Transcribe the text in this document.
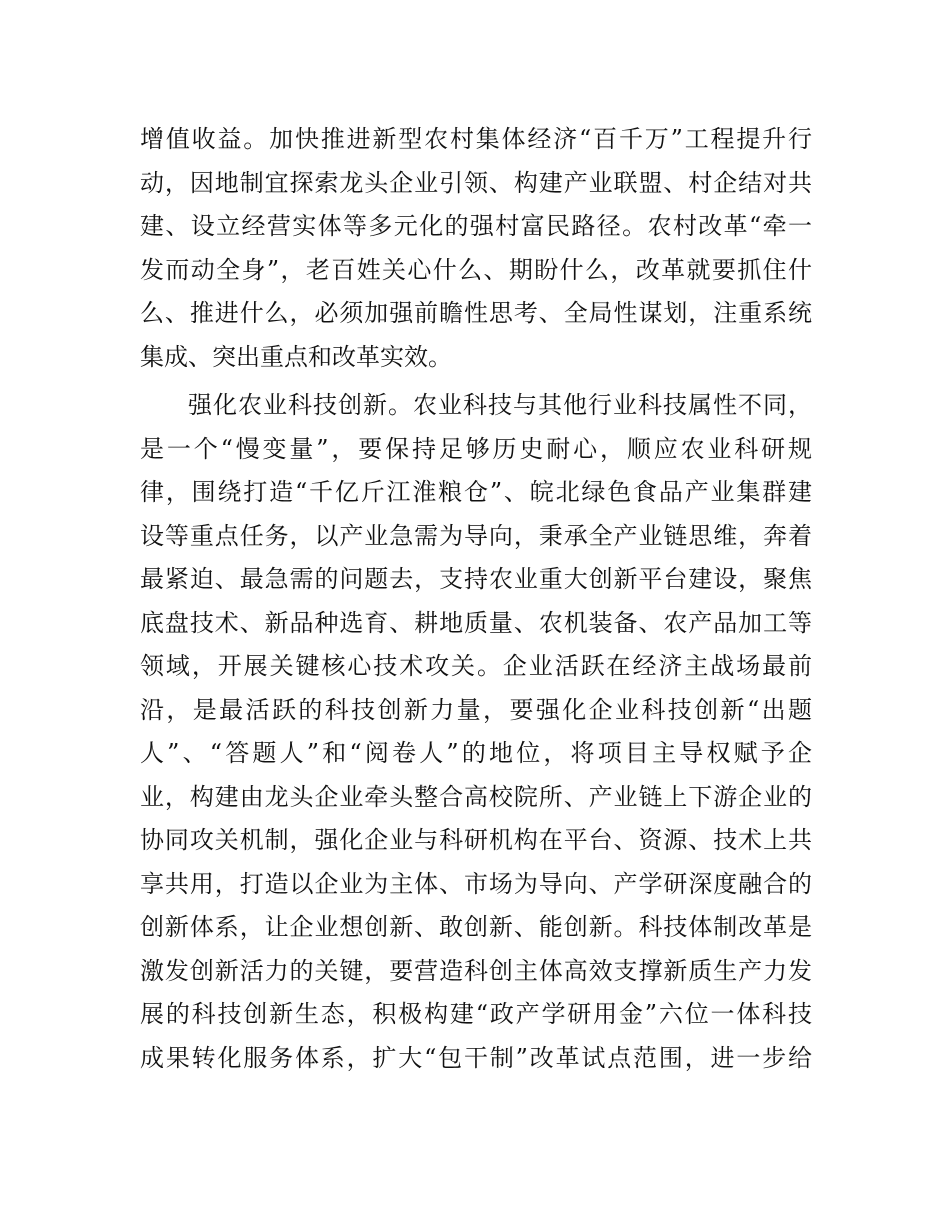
增值收益。加快推进新型农村集体经济“百千万”工程提升行
动，因地制宜探索龙头企业引领、构建产业联盟、村企结对共
建、设立经营实体等多元化的强村富民路径。农村改革“牵一
发而动全身”，老百姓关心什么、期盼什么，改革就要抓住什
么、推进什么，必须加强前瞻性思考、全局性谋划，注重系统
集成、突出重点和改革实效。
强化农业科技创新。农业科技与其他行业科技属性不同，
是一个“慢变量”，要保持足够历史耐心，顺应农业科研规
律，围绕打造“千亿斤江淮粮仓”、皖北绿色食品产业集群建
设等重点任务，以产业急需为导向，秉承全产业链思维，奔着
最紧迫、最急需的问题去，支持农业重大创新平台建设，聚焦
底盘技术、新品种选育、耕地质量、农机装备、农产品加工等
领域，开展关键核心技术攻关。企业活跃在经济主战场最前
沿，是最活跃的科技创新力量，要强化企业科技创新“出题
人”、“答题人”和“阅卷人”的地位，将项目主导权赋予企
业，构建由龙头企业牵头整合高校院所、产业链上下游企业的
协同攻关机制，强化企业与科研机构在平台、资源、技术上共
享共用，打造以企业为主体、市场为导向、产学研深度融合的
创新体系，让企业想创新、敢创新、能创新。科技体制改革是
激发创新活力的关键，要营造科创主体高效支撑新质生产力发
展的科技创新生态，积极构建“政产学研用金”六位一体科技
成果转化服务体系，扩大“包干制”改革试点范围，进一步给
